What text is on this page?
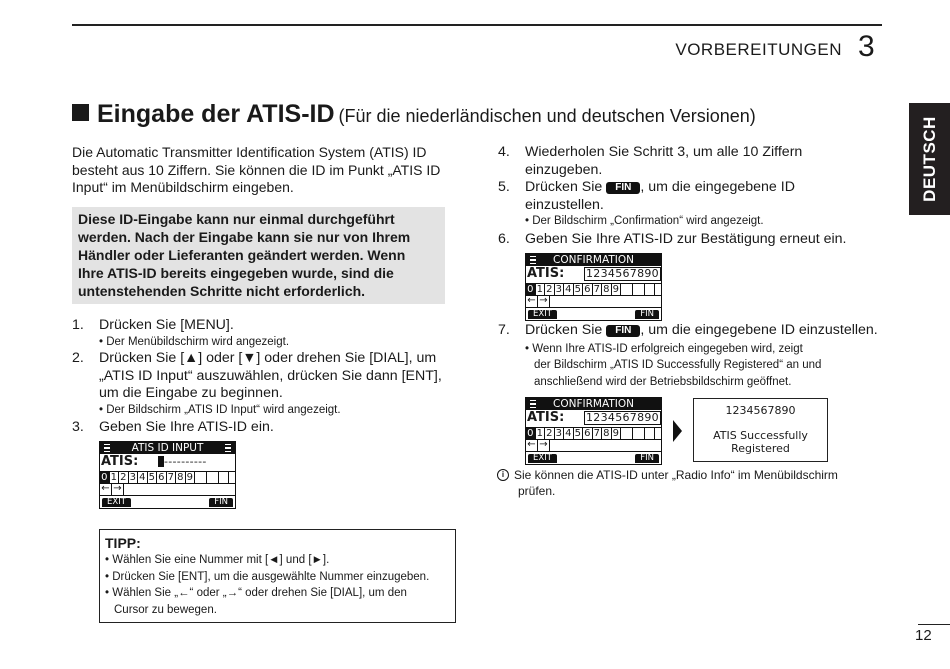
VORBEREITUNGEN 3
DEUTSCH
Eingabe der ATIS-ID (Für die niederländischen und deutschen Versionen)
Die Automatic Transmitter Identification System (ATIS) ID
besteht aus 10 Ziffern. Sie können die ID im Punkt „ATIS ID
Input“ im Menübildschirm eingeben.
Diese ID-Eingabe kann nur einmal durchgeführt
werden. Nach der Eingabe kann sie nur von Ihrem
Händler oder Lieferanten geändert werden. Wenn
Ihre ATIS-ID bereits eingegeben wurde, sind die
untenstehenden Schritte nicht erforderlich.
1. Drücken Sie [MENU].
• Der Menübildschirm wird angezeigt.
2. Drücken Sie [▲] oder [▼] oder drehen Sie [DIAL], um
„ATIS ID Input“ auszuwählen, drücken Sie dann [ENT],
um die Eingabe zu beginnen.
• Der Bildschirm „ATIS ID Input“ wird angezeigt.
3. Geben Sie Ihre ATIS-ID ein.
ATIS ID INPUT
ATIS:	----------
0 1 2 3 4 5 6 7 8 9
← →
EXIT	FIN
TIPP:
• Wählen Sie eine Nummer mit [◄] und [►].
• Drücken Sie [ENT], um die ausgewählte Nummer einzugeben.
• Wählen Sie „←“ oder „→“ oder drehen Sie [DIAL], um den
Cursor zu bewegen.
4. Wiederholen Sie Schritt 3, um alle 10 Ziffern
einzugeben.
5. Drücken Sie FIN , um die eingegebene ID
einzustellen.
• Der Bildschirm „Confirmation“ wird angezeigt.
6. Geben Sie Ihre ATIS-ID zur Bestätigung erneut ein.
CONFIRMATION
ATIS: 1234567890
0 1 2 3 4 5 6 7 8 9
← →
EXIT	FIN
7. Drücken Sie FIN , um die eingegebene ID einzustellen.
• Wenn Ihre ATIS-ID erfolgreich eingegeben wird, zeigt
der Bildschirm „ATIS ID Successfully Registered“ an und
anschließend wird der Betriebsbildschirm geöffnet.
CONFIRMATION
ATIS: 1234567890
0 1 2 3 4 5 6 7 8 9
← →
EXIT	FIN
1234567890
ATIS Successfully
Registered
i Sie können die ATIS-ID unter „Radio Info“ im Menübildschirm
prüfen.
12
